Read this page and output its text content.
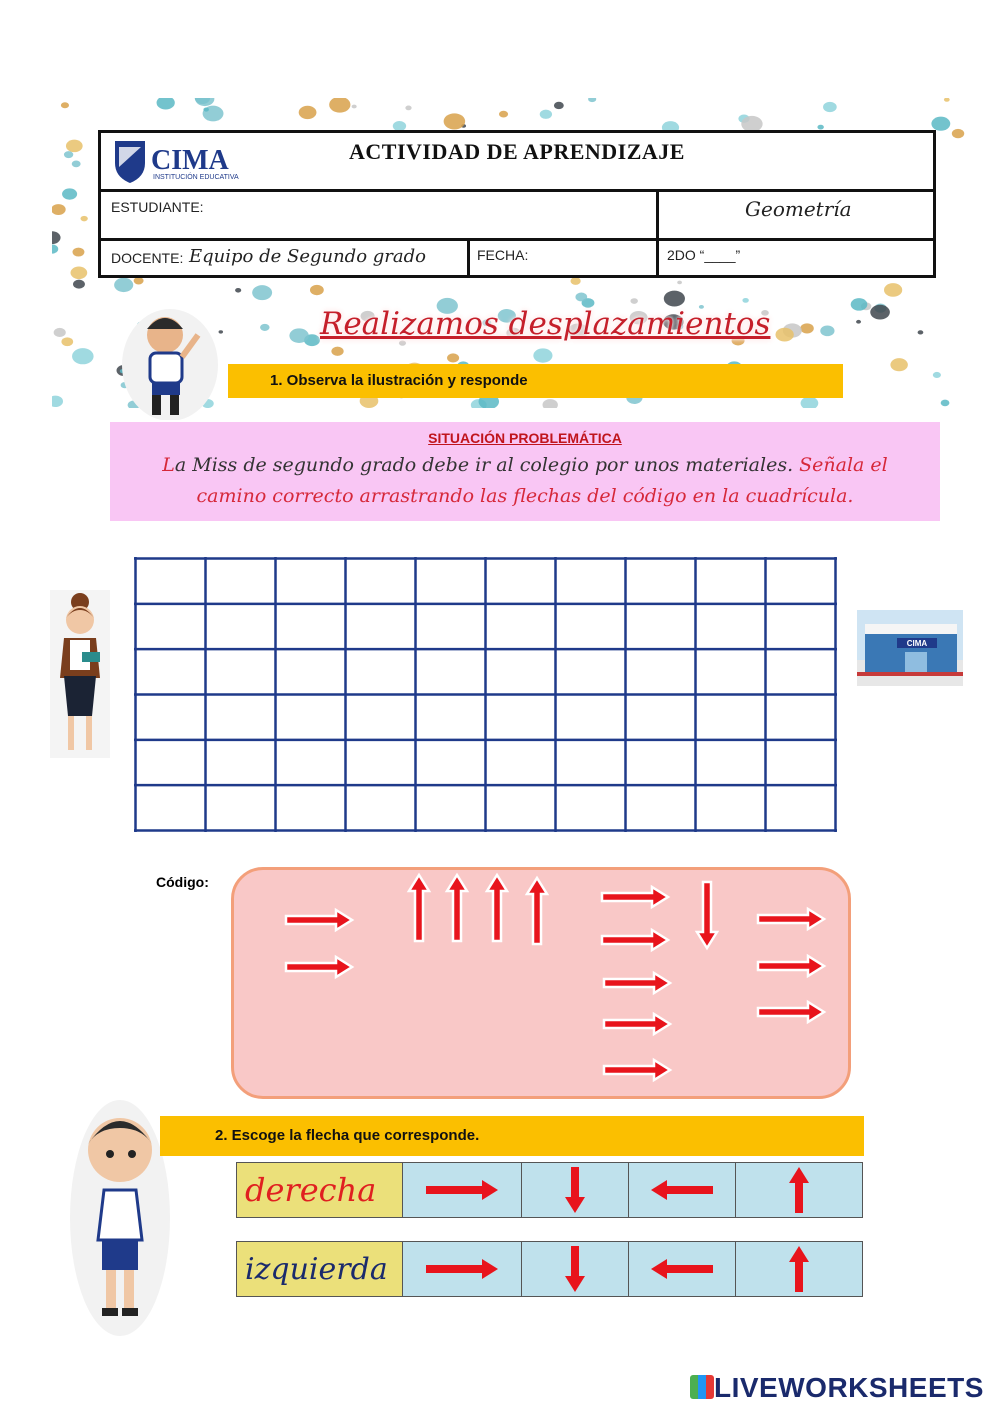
CIMA
INSTITUCIÓN EDUCATIVA
ACTIVIDAD DE APRENDIZAJE
ESTUDIANTE:	Geometría
DOCENTE: Equipo de Segundo grado	FECHA:	2DO “____”
Realizamos desplazamientos
1. Observa la ilustración y responde
SITUACIÓN PROBLEMÁTICA
La Miss de segundo grado debe ir al colegio por unos materiales. Señala el camino correcto arrastrando las flechas del código en la cuadrícula.
CIMA
Código:
2. Escoge la flecha que corresponde.
derecha
izquierda
LIVEWORKSHEETS
